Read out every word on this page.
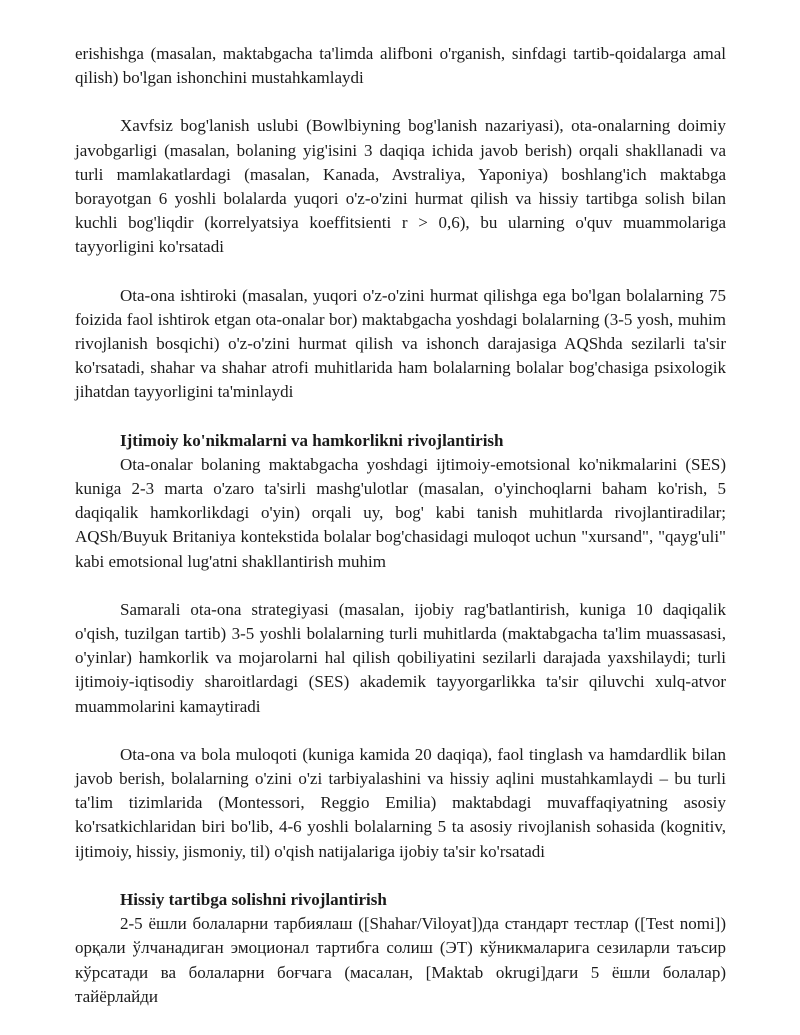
erishishga (masalan, maktabgacha ta'limda alifboni o'rganish, sinfdagi tartib-qoidalarga amal qilish) bo'lgan ishonchini mustahkamlaydi

Xavfsiz bog'lanish uslubi (Bowlbiyning bog'lanish nazariyasi), ota-onalarning doimiy javobgarligi (masalan, bolaning yig'isini 3 daqiqa ichida javob berish) orqali shakllanadi va turli mamlakatlardagi (masalan, Kanada, Avstraliya, Yaponiya) boshlang'ich maktabga borayotgan 6 yoshli bolalarda yuqori o'z-o'zini hurmat qilish va hissiy tartibga solish bilan kuchli bog'liqdir (korrelyatsiya koeffitsienti r > 0,6), bu ularning o'quv muammolariga tayyorligini ko'rsatadi

Ota-ona ishtiroki (masalan, yuqori o'z-o'zini hurmat qilishga ega bo'lgan bolalarning 75 foizida faol ishtirok etgan ota-onalar bor) maktabgacha yoshdagi bolalarning (3-5 yosh, muhim rivojlanish bosqichi) o'z-o'zini hurmat qilish va ishonch darajasiga AQShda sezilarli ta'sir ko'rsatadi, shahar va shahar atrofi muhitlarida ham bolalarning bolalar bog'chasiga psixologik jihatdan tayyorligini ta'minlaydi

Ijtimoiy ko'nikmalarni va hamkorlikni rivojlantirish

Ota-onalar bolaning maktabgacha yoshdagi ijtimoiy-emotsional ko'nikmalarini (SES) kuniga 2-3 marta o'zaro ta'sirli mashg'ulotlar (masalan, o'yinchoqlarni baham ko'rish, 5 daqiqalik hamkorlikdagi o'yin) orqali uy, bog' kabi tanish muhitlarda rivojlantiradilar; AQSh/Buyuk Britaniya kontekstida bolalar bog'chasidagi muloqot uchun "xursand", "qayg'uli" kabi emotsional lug'atni shakllantirish muhim

Samarali ota-ona strategiyasi (masalan, ijobiy rag'batlantirish, kuniga 10 daqiqalik o'qish, tuzilgan tartib) 3-5 yoshli bolalarning turli muhitlarda (maktabgacha ta'lim muassasasi, o'yinlar) hamkorlik va mojarolarni hal qilish qobiliyatini sezilarli darajada yaxshilaydi; turli ijtimoiy-iqtisodiy sharoitlardagi (SES) akademik tayyorgarlikka ta'sir qiluvchi xulq-atvor muammolarini kamaytiradi

Ota-ona va bola muloqoti (kuniga kamida 20 daqiqa), faol tinglash va hamdardlik bilan javob berish, bolalarning o'zini o'zi tarbiyalashini va hissiy aqlini mustahkamlaydi – bu turli ta'lim tizimlarida (Montessori, Reggio Emilia) maktabdagi muvaffaqiyatning asosiy ko'rsatkichlaridan biri bo'lib, 4-6 yoshli bolalarning 5 ta asosiy rivojlanish sohasida (kognitiv, ijtimoiy, hissiy, jismoniy, til) o'qish natijalariga ijobiy ta'sir ko'rsatadi

Hissiy tartibga solishni rivojlantirish

2-5 ёшли болаларни тарбиялаш ([Shahar/Viloyat])да стандарт тестлар ([Test nomi]) орқали ўлчанадиган эмоционал тартибга солиш (ЭТ) кўникмаларига сезиларли таъсир кўрсатади ва болаларни боғчага (масалан, [Maktab okrugi]даги 5 ёшли болалар) тайёрлайди
